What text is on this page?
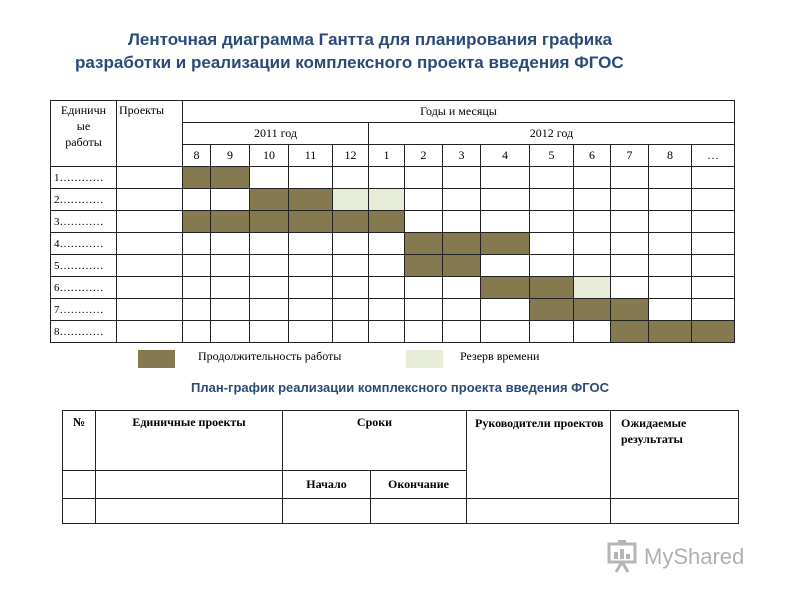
Ленточная диаграмма Гантта для планирования графика
разработки и реализации комплексного проекта введения ФГОС
Единичн
ые
работы	Проекты	Годы и месяцы													
		2011 год					2012 год								
		8	9	10	11	12	1	2	3	4	5	6	7	8	…
1…………															
2…………															
3…………															
4…………															
5…………															
6…………															
7…………															
8…………															
Продолжительность работы	Резерв времени
План-график реализации комплексного проекта введения ФГОС
№	Единичные проекты	Сроки		Руководители проектов	Ожидаемые результаты
		Начало	Окончание		

MyShared
